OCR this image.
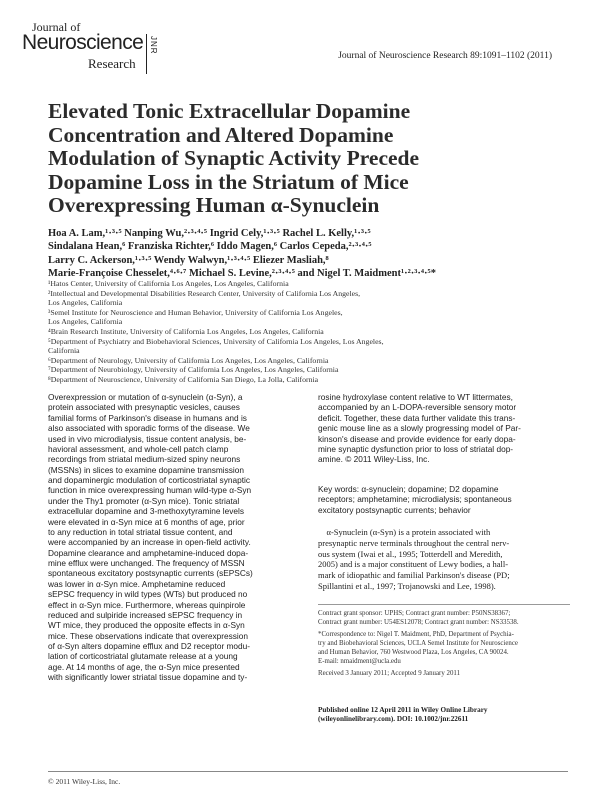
Journal of
Neuroscience
Research
JNR
Journal of Neuroscience Research 89:1091–1102 (2011)
Elevated Tonic Extracellular Dopamine
Concentration and Altered Dopamine
Modulation of Synaptic Activity Precede
Dopamine Loss in the Striatum of Mice
Overexpressing Human α-Synuclein
Hoa A. Lam,¹·³·⁵ Nanping Wu,²·³·⁴·⁵ Ingrid Cely,¹·³·⁵ Rachel L. Kelly,¹·³·⁵
Sindalana Hean,⁶ Franziska Richter,⁶ Iddo Magen,⁶ Carlos Cepeda,²·³·⁴·⁵
Larry C. Ackerson,¹·³·⁵ Wendy Walwyn,¹·³·⁴·⁵ Eliezer Masliah,⁸
Marie-Françoise Chesselet,⁴·⁶·⁷ Michael S. Levine,²·³·⁴·⁵ and Nigel T. Maidment¹·²·³·⁴·⁵*
¹Hatos Center, University of California Los Angeles, Los Angeles, California
²Intellectual and Developmental Disabilities Research Center, University of California Los Angeles,
Los Angeles, California
³Semel Institute for Neuroscience and Human Behavior, University of California Los Angeles,
Los Angeles, California
⁴Brain Research Institute, University of California Los Angeles, Los Angeles, California
⁵Department of Psychiatry and Biobehavioral Sciences, University of California Los Angeles, Los Angeles,
California
⁶Department of Neurology, University of California Los Angeles, Los Angeles, California
⁷Department of Neurobiology, University of California Los Angeles, Los Angeles, California
⁸Department of Neuroscience, University of California San Diego, La Jolla, California
Overexpression or mutation of α-synuclein (α-Syn), a
protein associated with presynaptic vesicles, causes
familial forms of Parkinson's disease in humans and is
also associated with sporadic forms of the disease. We
used in vivo microdialysis, tissue content analysis, be-
havioral assessment, and whole-cell patch clamp
recordings from striatal medium-sized spiny neurons
(MSSNs) in slices to examine dopamine transmission
and dopaminergic modulation of corticostriatal synaptic
function in mice overexpressing human wild-type α-Syn
under the Thy1 promoter (α-Syn mice). Tonic striatal
extracellular dopamine and 3-methoxytyramine levels
were elevated in α-Syn mice at 6 months of age, prior
to any reduction in total striatal tissue content, and
were accompanied by an increase in open-field activity.
Dopamine clearance and amphetamine-induced dopa-
mine efflux were unchanged. The frequency of MSSN
spontaneous excitatory postsynaptic currents (sEPSCs)
was lower in α-Syn mice. Amphetamine reduced
sEPSC frequency in wild types (WTs) but produced no
effect in α-Syn mice. Furthermore, whereas quinpirole
reduced and sulpiride increased sEPSC frequency in
WT mice, they produced the opposite effects in α-Syn
mice. These observations indicate that overexpression
of α-Syn alters dopamine efflux and D2 receptor modu-
lation of corticostriatal glutamate release at a young
age. At 14 months of age, the α-Syn mice presented
with significantly lower striatal tissue dopamine and ty-
rosine hydroxylase content relative to WT littermates,
accompanied by an L-DOPA-reversible sensory motor
deficit. Together, these data further validate this trans-
genic mouse line as a slowly progressing model of Par-
kinson's disease and provide evidence for early dopa-
mine synaptic dysfunction prior to loss of striatal dop-
amine. © 2011 Wiley-Liss, Inc.
Key words: α-synuclein; dopamine; D2 dopamine
receptors; amphetamine; microdialysis; spontaneous
excitatory postsynaptic currents; behavior
α-Synuclein (α-Syn) is a protein associated with
presynaptic nerve terminals throughout the central nerv-
ous system (Iwai et al., 1995; Totterdell and Meredith,
2005) and is a major constituent of Lewy bodies, a hall-
mark of idiopathic and familial Parkinson's disease (PD;
Spillantini et al., 1997; Trojanowski and Lee, 1998).
Contract grant sponsor: UPHS; Contract grant number: P50NS38367;
Contract grant number: U54ES12078; Contract grant number: NS33538.
*Correspondence to: Nigel T. Maidment, PhD, Department of Psychia-
try and Biobehavioral Sciences, UCLA Semel Institute for Neuroscience
and Human Behavior, 760 Westwood Plaza, Los Angeles, CA 90024.
E-mail: nmaidment@ucla.edu
Received 3 January 2011; Accepted 9 January 2011
Published online 12 April 2011 in Wiley Online Library
(wileyonlinelibrary.com). DOI: 10.1002/jnr.22611
© 2011 Wiley-Liss, Inc.
